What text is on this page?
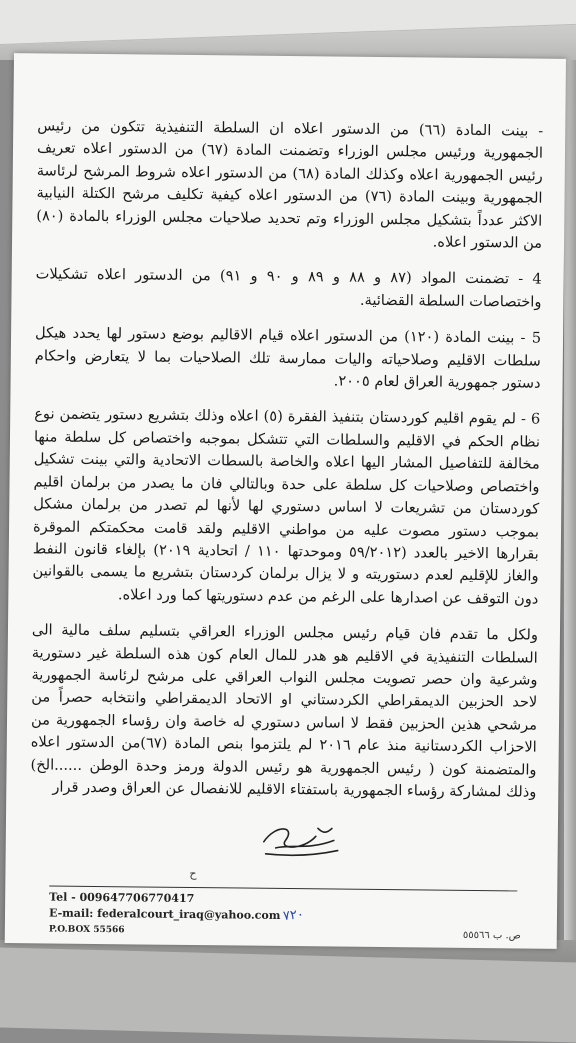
- بينت المادة (٦٦) من الدستور اعلاه ان السلطة التنفيذية تتكون من رئيس الجمهورية ورئيس مجلس الوزراء وتضمنت المادة (٦٧) من الدستور اعلاه تعريف رئيس الجمهورية اعلاه وكذلك المادة (٦٨) من الدستور اعلاه شروط المرشح لرئاسة الجمهورية وبينت المادة (٧٦) من الدستور اعلاه كيفية تكليف مرشح الكتلة النيابية الاكثر عدداً بتشكيل مجلس الوزراء وتم تحديد صلاحيات مجلس الوزراء بالمادة (٨٠) من الدستور اعلاه.

4 - تضمنت المواد (٨٧ و ٨٨ و ٨٩ و ٩٠ و ٩١) من الدستور اعلاه تشكيلات واختصاصات السلطة القضائية.

5 - بينت المادة (١٢٠) من الدستور اعلاه قيام الاقاليم بوضع دستور لها يحدد هيكل سلطات الاقليم وصلاحياته واليات ممارسة تلك الصلاحيات بما لا يتعارض واحكام دستور جمهورية العراق لعام ٢٠٠٥.

6 - لم يقوم اقليم كوردستان بتنفيذ الفقرة (٥) اعلاه وذلك بتشريع دستور يتضمن نوع نظام الحكم في الاقليم والسلطات التي تتشكل بموجبه واختصاص كل سلطة منها مخالفة للتفاصيل المشار اليها اعلاه والخاصة بالسطات الاتحادية والتي بينت تشكيل واختصاص وصلاحيات كل سلطة على حدة وبالتالي فان ما يصدر من برلمان اقليم كوردستان من تشريعات لا اساس دستوري لها لأنها لم تصدر من برلمان مشكل بموجب دستور مصوت عليه من مواطني الاقليم ولقد قامت محكمتكم الموقرة بقرارها الاخير بالعدد (٥٩/٢٠١٢ وموحدتها ١١٠ / اتحادية ٢٠١٩) بإلغاء قانون النفط والغاز للإقليم لعدم دستوريته و لا يزال برلمان كردستان بتشريع ما يسمى بالقوانين دون التوقف عن اصدارها على الرغم من عدم دستوريتها كما ورد اعلاه.

ولكل ما تقدم فان قيام رئيس مجلس الوزراء العراقي بتسليم سلف مالية الى السلطات التنفيذية في الاقليم هو هدر للمال العام كون هذه السلطة غير دستورية وشرعية وان حصر تصويت مجلس النواب العراقي على مرشح لرئاسة الجمهورية لاحد الحزبين الديمقراطي الكردستاني او الاتحاد الديمقراطي وانتخابه حصراً من مرشحي هذين الحزبين فقط لا اساس دستوري له خاصة وان رؤساء الجمهورية من الاحزاب الكردستانية منذ عام ٢٠١٦ لم يلتزموا بنص المادة (٦٧)من الدستور اعلاه والمتضمنة كون ( رئيس الجمهورية هو رئيس الدولة ورمز وحدة الوطن ......الخ) وذلك لمشاركة رؤساء الجمهورية باستفتاء الاقليم للانفصال عن العراق وصدر قرار

ح
Tel - 009647706770417
E-mail: federalcourt_iraq@yahoo.com
P.O.BOX 55566
٧٢٠
ص. ب ٥٥٥٦٦
